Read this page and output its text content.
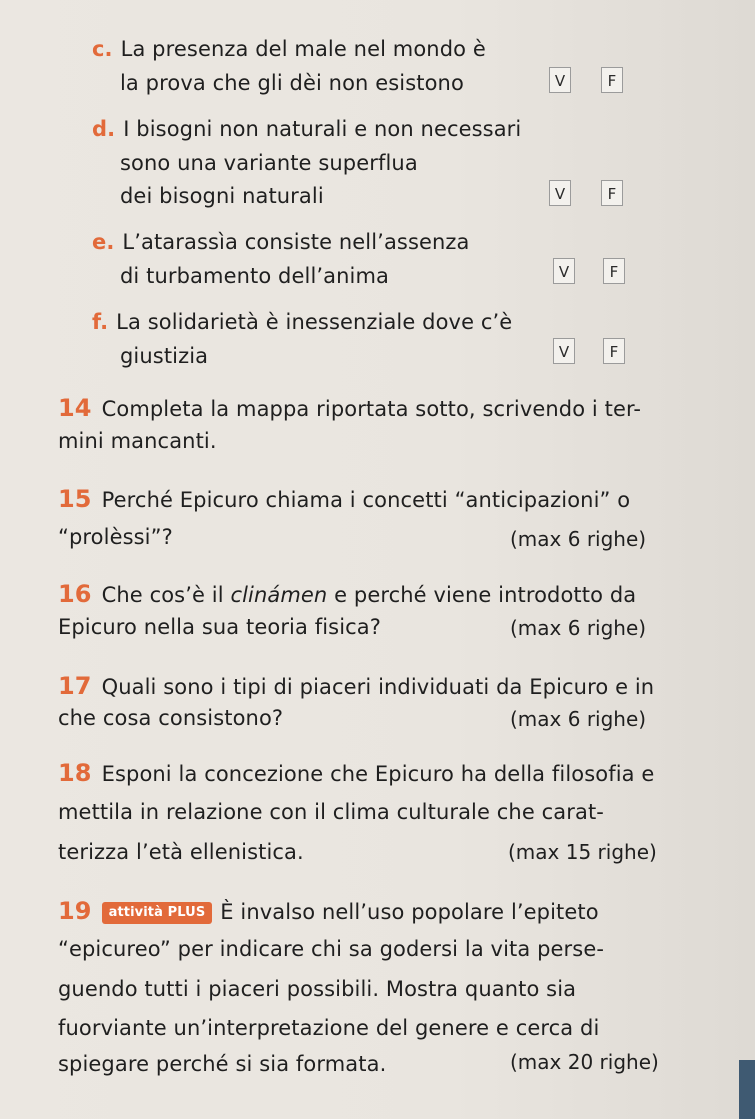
c. La presenza del male nel mondo è
la prova che gli dèi non esistono	V	F
d. I bisogni non naturali e non necessari
sono una variante superflua
dei bisogni naturali	V	F
e. L’atarassìa consiste nell’assenza
di turbamento dell’anima	V	F
f. La solidarietà è inessenziale dove c’è
giustizia	V	F
14 Completa la mappa riportata sotto, scrivendo i ter-
mini mancanti.
15 Perché Epicuro chiama i concetti “anticipazioni” o
“prolèssi”?	(max 6 righe)
16 Che cos’è il clinámen e perché viene introdotto da
Epicuro nella sua teoria fisica?	(max 6 righe)
17 Quali sono i tipi di piaceri individuati da Epicuro e in
che cosa consistono?	(max 6 righe)
18 Esponi la concezione che Epicuro ha della filosofia e
mettila in relazione con il clima culturale che carat-
terizza l’età ellenistica.	(max 15 righe)
19 attività PLUS È invalso nell’uso popolare l’epiteto
“epicureo” per indicare chi sa godersi la vita perse-
guendo tutti i piaceri possibili. Mostra quanto sia
fuorviante un’interpretazione del genere e cerca di
spiegare perché si sia formata.	(max 20 righe)
